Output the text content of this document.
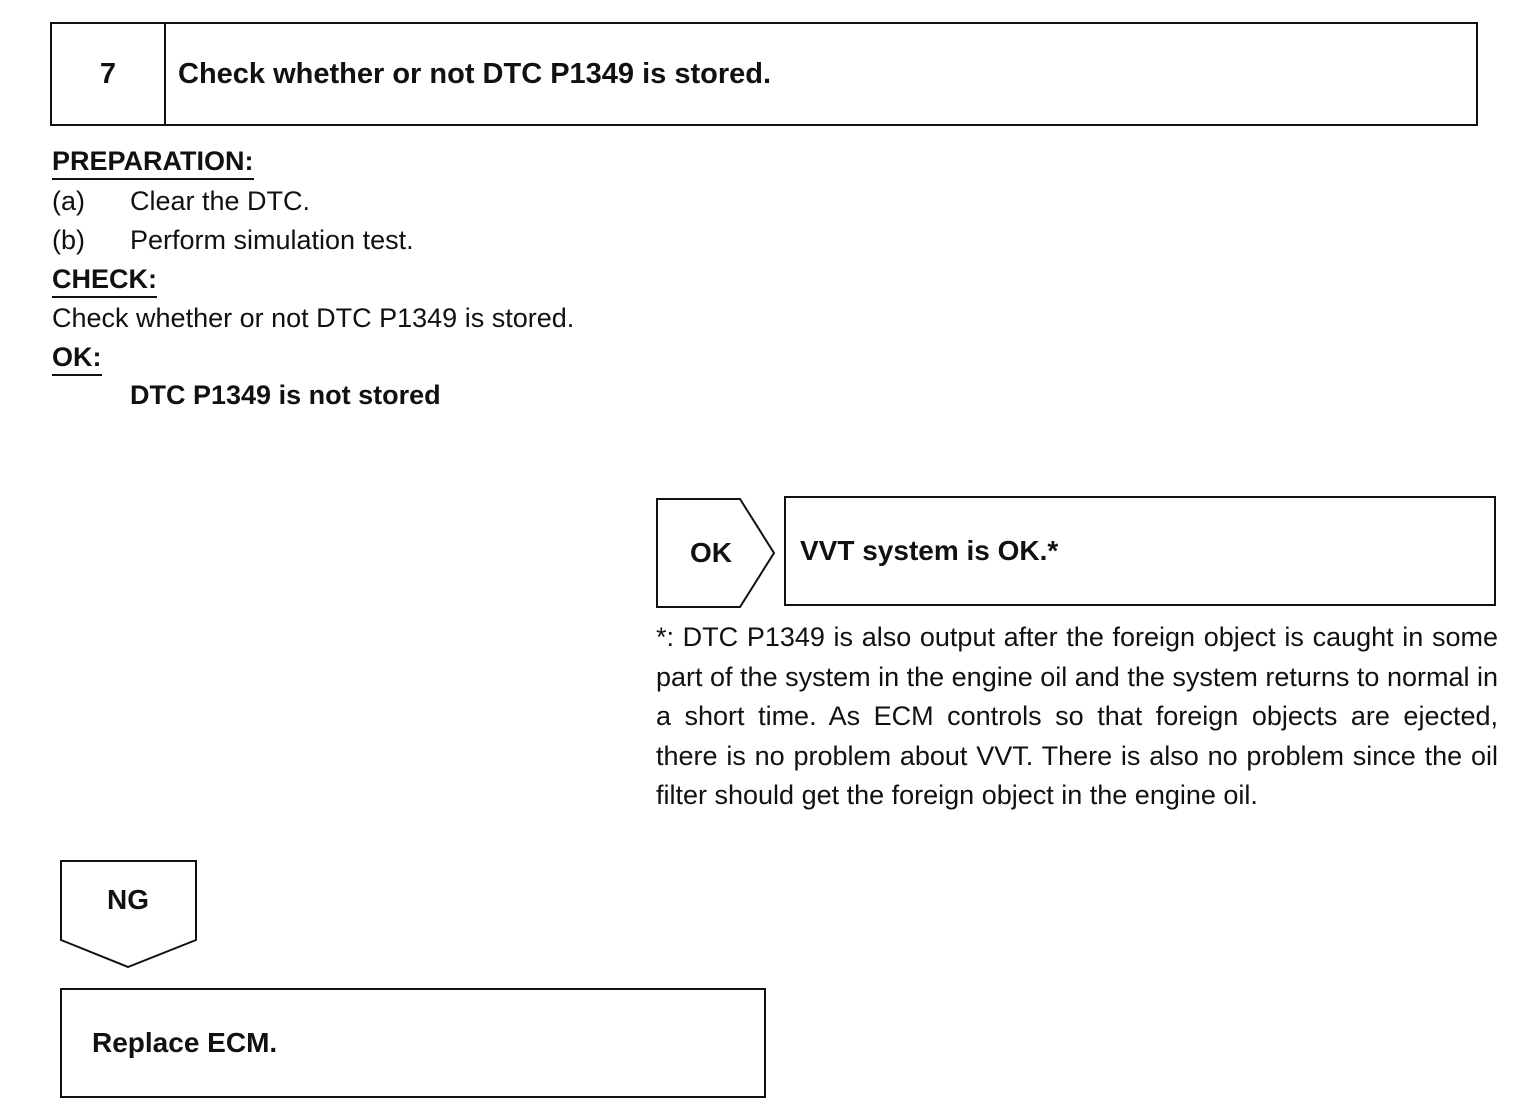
7	Check whether or not DTC P1349 is stored.
PREPARATION:
(a) Clear the DTC.
(b) Perform simulation test.
CHECK:
Check whether or not DTC P1349 is stored.
OK:
DTC P1349 is not stored
OK	VVT system is OK.*
*: DTC P1349 is also output after the foreign object is caught in some part of the system in the engine oil and the system returns to normal in a short time. As ECM controls so that foreign objects are ejected, there is no problem about VVT. There is also no problem since the oil filter should get the foreign object in the engine oil.
NG
Replace ECM.
